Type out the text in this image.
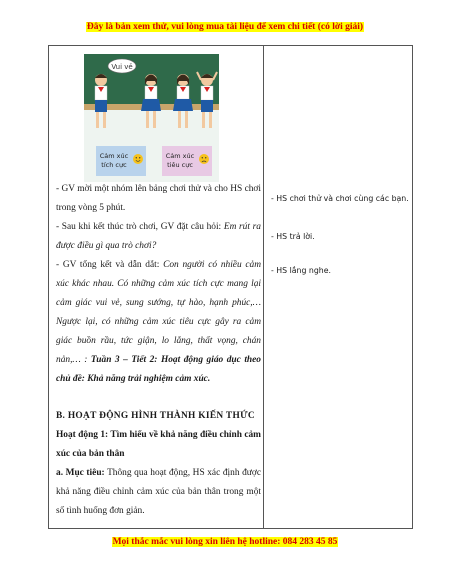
Đây là bản xem thử, vui lòng mua tài liệu để xem chi tiết (có lời giải)
Vui vẻ
Cảm xúc
tích cực
Cảm xúc
tiêu cực

- GV mời một nhóm lên bảng chơi thử và cho HS chơi trong vòng 5 phút.

- Sau khi kết thúc trò chơi, GV đặt câu hỏi: Em rút ra được điều gì qua trò chơi?

- GV tổng kết và dẫn dắt: Con người có nhiều cảm xúc khác nhau. Có những cảm xúc tích cực mang lại cảm giác vui vẻ, sung sướng, tự hào, hạnh phúc,… Ngược lại, có những cảm xúc tiêu cực gây ra cảm giác buồn rầu, tức giận, lo lắng, thất vọng, chán nản,… : Tuần 3 – Tiết 2: Hoạt động giáo dục theo chủ đề: Khả năng trải nghiệm cảm xúc.

B. HOẠT ĐỘNG HÌNH THÀNH KIẾN THỨC

Hoạt động 1: Tìm hiểu về khả năng điều chỉnh cảm xúc của bản thân

a. Mục tiêu: Thông qua hoạt động, HS xác định được khả năng điều chỉnh cảm xúc của bản thân trong một số tình huống đơn giản.

- HS chơi thử và chơi cùng các bạn.
- HS trả lời.
- HS lắng nghe.
Mọi thắc mắc vui lòng xin liên hệ hotline: 084 283 45 85
